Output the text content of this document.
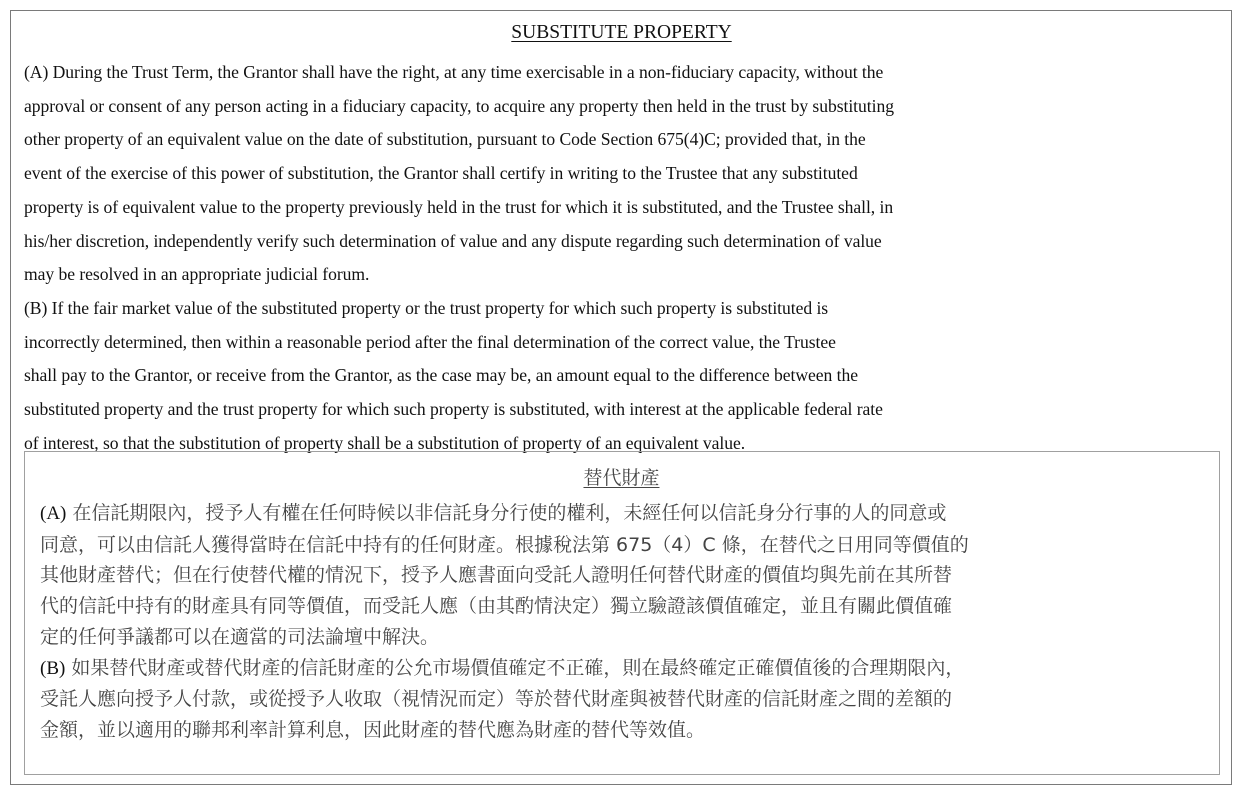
SUBSTITUTE PROPERTY

(A) During the Trust Term, the Grantor shall have the right, at any time exercisable in a non-fiduciary capacity, without the

approval or consent of any person acting in a fiduciary capacity, to acquire any property then held in the trust by substituting

other property of an equivalent value on the date of substitution, pursuant to Code Section 675(4)C; provided that, in the

event of the exercise of this power of substitution, the Grantor shall certify in writing to the Trustee that any substituted

property is of equivalent value to the property previously held in the trust for which it is substituted, and the Trustee shall, in

his/her discretion, independently verify such determination of value and any dispute regarding such determination of value

may be resolved in an appropriate judicial forum.

(B) If the fair market value of the substituted property or the trust property for which such property is substituted is

incorrectly determined, then within a reasonable period after the final determination of the correct value, the Trustee

shall pay to the Grantor, or receive from the Grantor, as the case may be, an amount equal to the difference between the

substituted property and the trust property for which such property is substituted, with interest at the applicable federal rate

of interest, so that the substitution of property shall be a substitution of property of an equivalent value.

替代財產

(A) 在信託期限內，授予人有權在任何時候以非信託身分行使的權利，未經任何以信託身分行事的人的同意或

同意，可以由信託人獲得當時在信託中持有的任何財產。根據稅法第 675（4）C 條，在替代之日用同等價值的

其他財產替代；但在行使替代權的情況下，授予人應書面向受託人證明任何替代財產的價值均與先前在其所替

代的信託中持有的財產具有同等價值，而受託人應（由其酌情決定）獨立驗證該價值確定，並且有關此價值確

定的任何爭議都可以在適當的司法論壇中解決。

(B) 如果替代財產或替代財產的信託財產的公允市場價值確定不正確，則在最終確定正確價值後的合理期限內，

受託人應向授予人付款，或從授予人收取（視情況而定）等於替代財產與被替代財產的信託財產之間的差額的

金額，並以適用的聯邦利率計算利息，因此財產的替代應為財產的替代等效值。
